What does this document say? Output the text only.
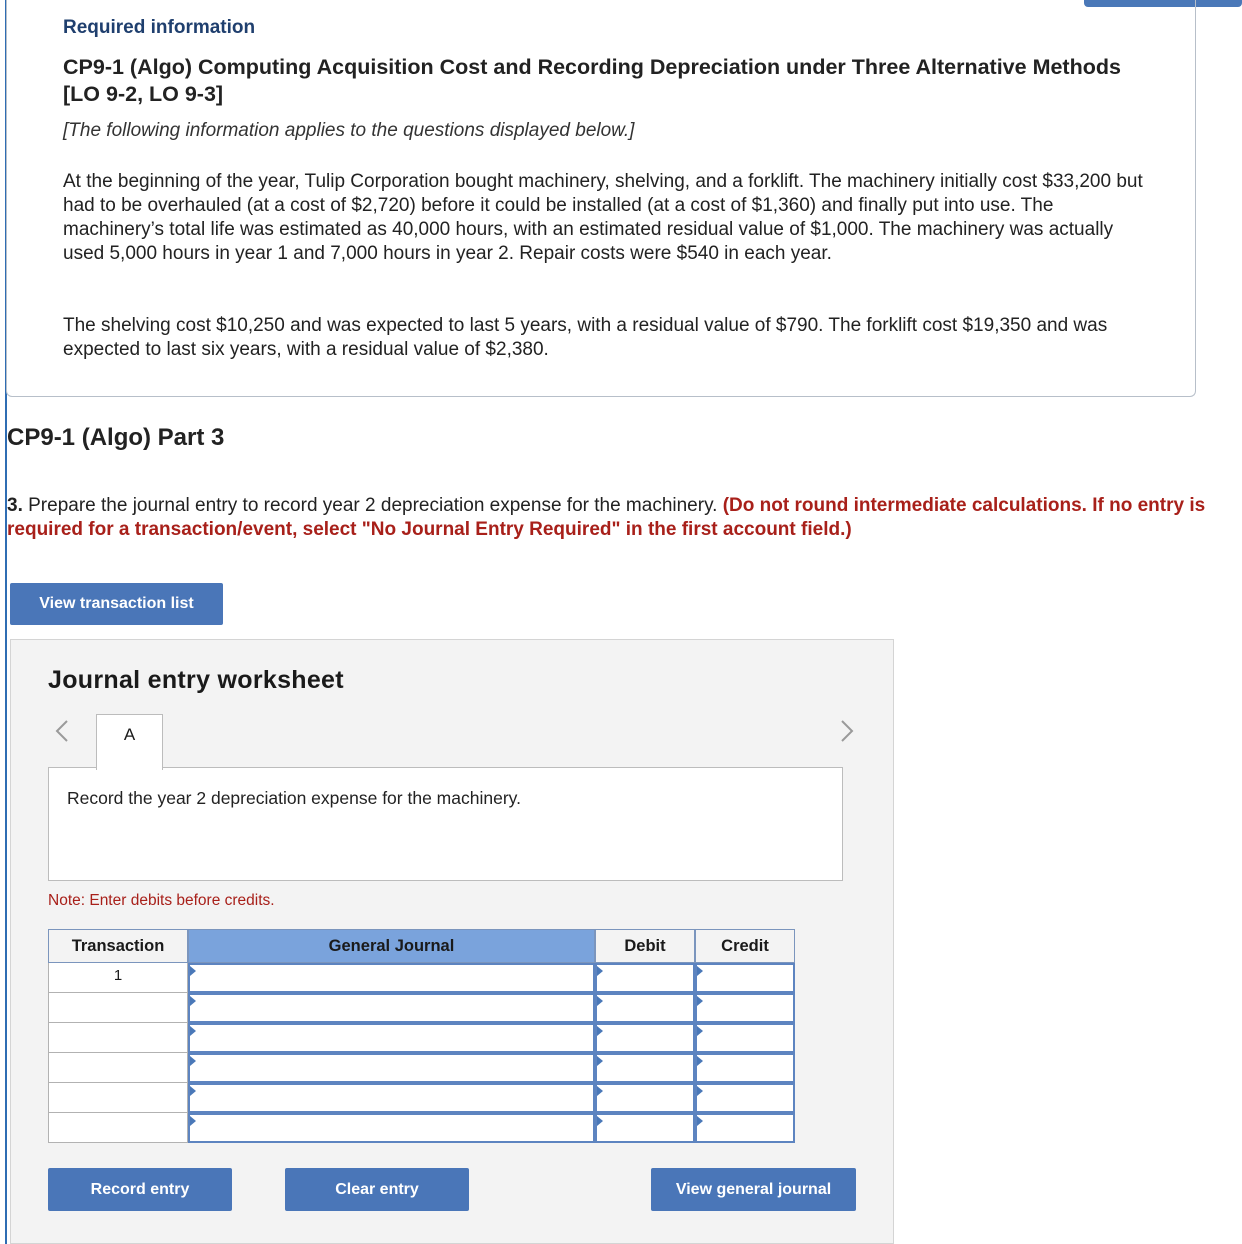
Required information
CP9-1 (Algo) Computing Acquisition Cost and Recording Depreciation under Three Alternative Methods [LO 9-2, LO 9-3]
[The following information applies to the questions displayed below.]
At the beginning of the year, Tulip Corporation bought machinery, shelving, and a forklift. The machinery initially cost $33,200 but had to be overhauled (at a cost of $2,720) before it could be installed (at a cost of $1,360) and finally put into use. The machinery’s total life was estimated as 40,000 hours, with an estimated residual value of $1,000. The machinery was actually used 5,000 hours in year 1 and 7,000 hours in year 2. Repair costs were $540 in each year.
The shelving cost $10,250 and was expected to last 5 years, with a residual value of $790. The forklift cost $19,350 and was expected to last six years, with a residual value of $2,380.
CP9-1 (Algo) Part 3
3. Prepare the journal entry to record year 2 depreciation expense for the machinery. (Do not round intermediate calculations. If no entry is required for a transaction/event, select "No Journal Entry Required" in the first account field.)
View transaction list
Journal entry worksheet
A
Record the year 2 depreciation expense for the machinery.
Note: Enter debits before credits.
Transaction	General Journal	Debit	Credit
1
Record entry	Clear entry	View general journal
